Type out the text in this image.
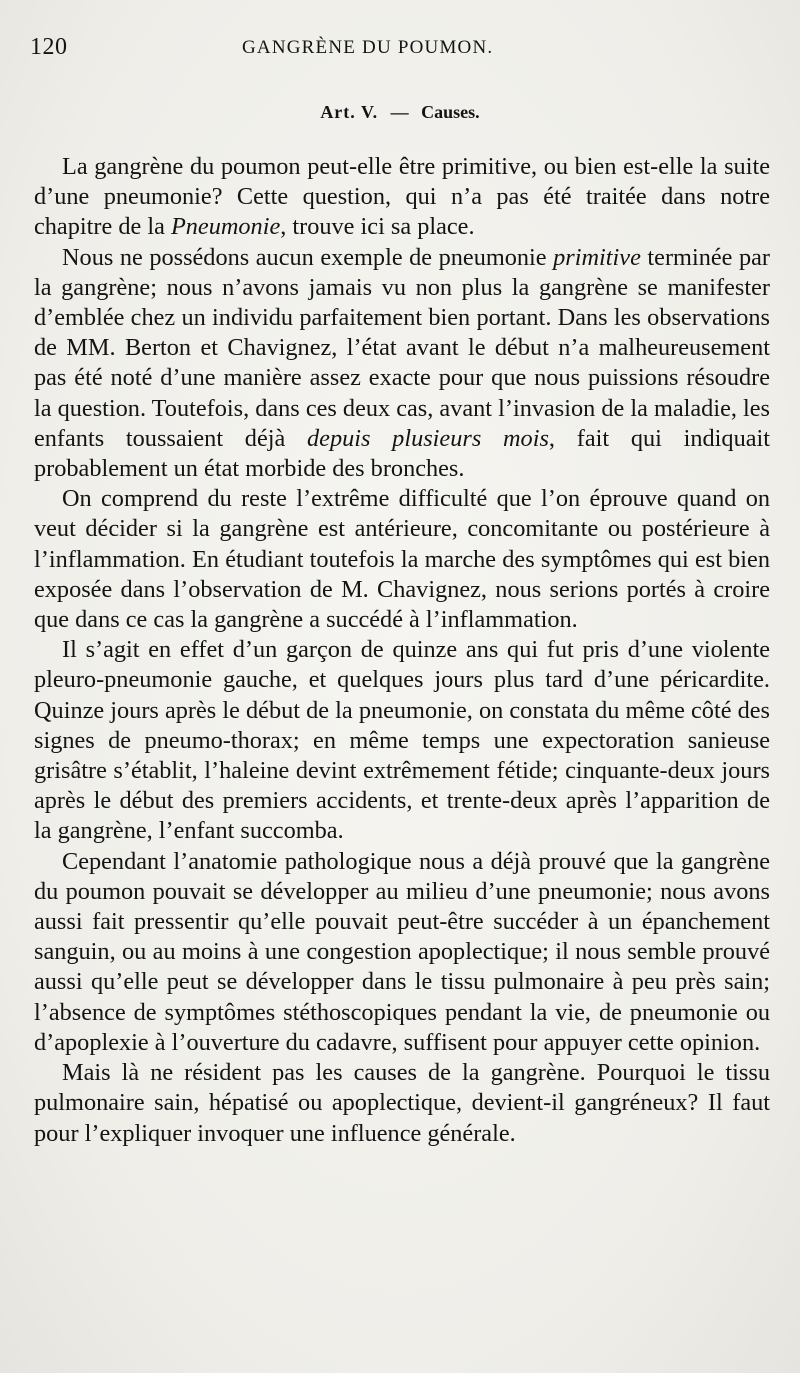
120	GANGRÈNE DU POUMON.
Art. V. — Causes.

La gangrène du poumon peut-elle être primitive, ou bien est-elle la suite d’une pneumonie? Cette question, qui n’a pas été traitée dans notre chapitre de la Pneumonie, trouve ici sa place.

Nous ne possédons aucun exemple de pneumonie primitive terminée par la gangrène; nous n’avons jamais vu non plus la gangrène se manifester d’emblée chez un individu parfaitement bien portant. Dans les observations de MM. Berton et Chavignez, l’état avant le début n’a malheureusement pas été noté d’une manière assez exacte pour que nous puissions résoudre la question. Toutefois, dans ces deux cas, avant l’invasion de la maladie, les enfants toussaient déjà depuis plusieurs mois, fait qui indiquait probablement un état morbide des bronches.

On comprend du reste l’extrême difficulté que l’on éprouve quand on veut décider si la gangrène est antérieure, concomitante ou postérieure à l’inflammation. En étudiant toutefois la marche des symptômes qui est bien exposée dans l’observation de M. Chavignez, nous serions portés à croire que dans ce cas la gangrène a succédé à l’inflammation.

Il s’agit en effet d’un garçon de quinze ans qui fut pris d’une violente pleuro-pneumonie gauche, et quelques jours plus tard d’une péricardite. Quinze jours après le début de la pneumonie, on constata du même côté des signes de pneumo-thorax; en même temps une expectoration sanieuse grisâtre s’établit, l’haleine devint extrêmement fétide; cinquante-deux jours après le début des premiers accidents, et trente-deux après l’apparition de la gangrène, l’enfant succomba.

Cependant l’anatomie pathologique nous a déjà prouvé que la gangrène du poumon pouvait se développer au milieu d’une pneumonie; nous avons aussi fait pressentir qu’elle pouvait peut-être succéder à un épanchement sanguin, ou au moins à une congestion apoplectique; il nous semble prouvé aussi qu’elle peut se développer dans le tissu pulmonaire à peu près sain; l’absence de symptômes stéthoscopiques pendant la vie, de pneumonie ou d’apoplexie à l’ouverture du cadavre, suffisent pour appuyer cette opinion.

Mais là ne résident pas les causes de la gangrène. Pourquoi le tissu pulmonaire sain, hépatisé ou apoplectique, devient-il gangréneux? Il faut pour l’expliquer invoquer une influence générale.
